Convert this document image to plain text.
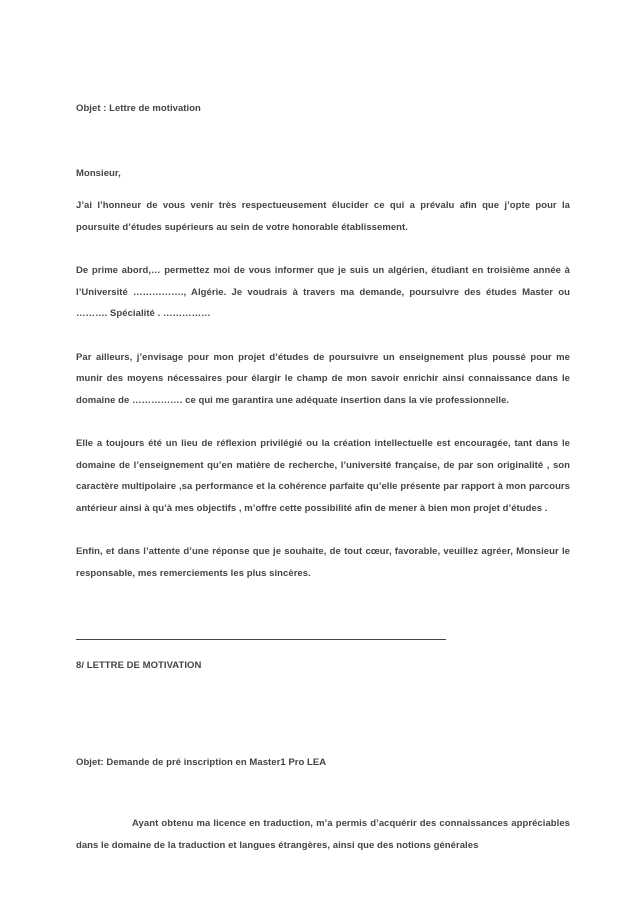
Objet : Lettre de motivation

Monsieur,

J’ai l’honneur de vous venir très respectueusement élucider ce qui a prévalu afin que j’opte pour la poursuite d’études supérieurs au sein de votre honorable établissement.

De prime abord,… permettez moi de vous informer que je suis un algérien, étudiant en troisième année à l’Université ……………., Algérie. Je voudrais à travers ma demande, poursuivre des études Master ou ………. Spécialité . ……………

Par ailleurs, j’envisage pour mon projet d’études de poursuivre un enseignement plus poussé pour me munir des moyens nécessaires pour élargir le champ de mon savoir enrichir ainsi connaissance dans le domaine de ……………. ce qui me garantira une adéquate insertion dans la vie professionnelle.

Elle a toujours été un lieu de réflexion privilégié ou la création intellectuelle est encouragée, tant dans le domaine de l’enseignement qu’en matière de recherche, l’université française, de par son originalité , son caractère multipolaire ,sa performance et la cohérence parfaite qu’elle présente par rapport à mon parcours antérieur ainsi à qu’à mes objectifs , m’offre cette possibilité afin de mener à bien mon projet d’études .

Enfin, et dans l’attente d’une réponse que je souhaite, de tout cœur, favorable, veuillez agréer, Monsieur le responsable, mes remerciements les plus sincères.

8/ LETTRE DE MOTIVATION

Objet: Demande de pré inscription en Master1 Pro LEA

Ayant obtenu ma licence en traduction, m’a permis d’acquérir des connaissances appréciables dans le domaine de la traduction et langues étrangères, ainsi que des notions générales
